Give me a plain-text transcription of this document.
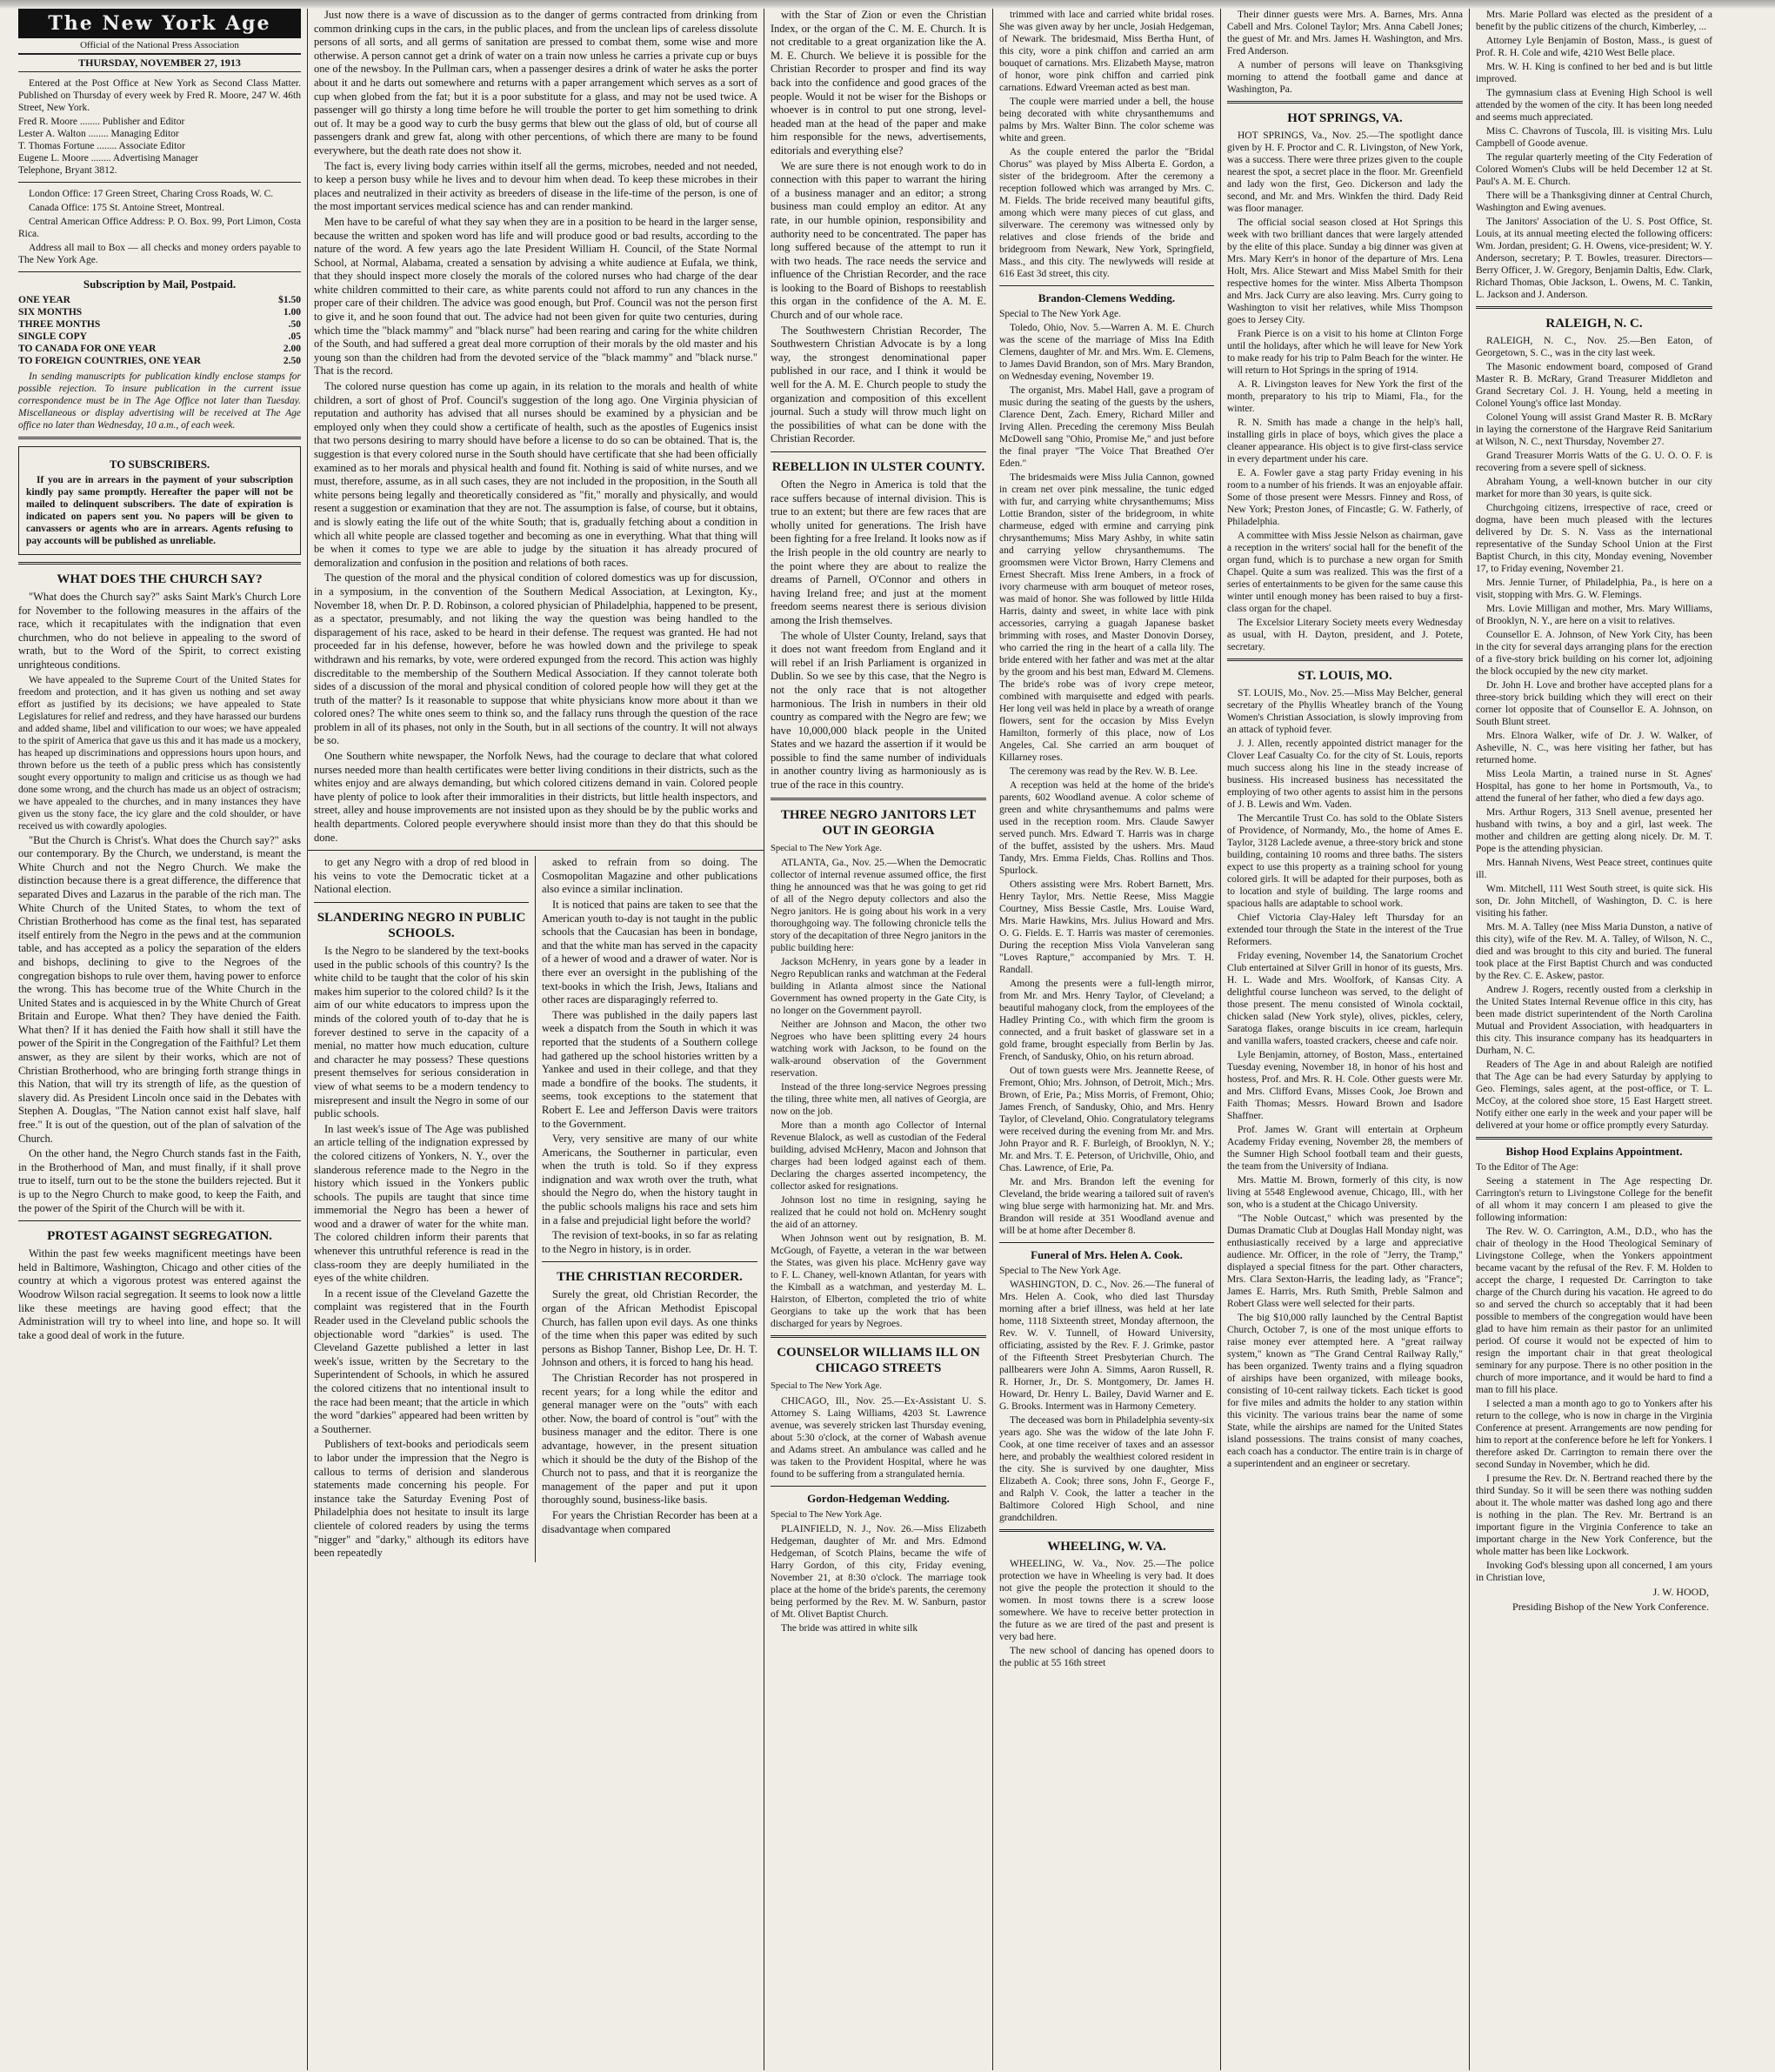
The New York Age
Official of the National Press Association
THURSDAY, NOVEMBER 27, 1913

Entered at the Post Office at New York as Second Class Matter. Published on Thursday of every week by Fred R. Moore, 247 W. 46th Street, New York.

Fred R. Moore ........ Publisher and Editor

Lester A. Walton ........ Managing Editor

T. Thomas Fortune ........ Associate Editor

Eugene L. Moore ........ Advertising Manager

Telephone, Bryant 3812.

London Office: 17 Green Street, Charing Cross Roads, W. C.

Canada Office: 175 St. Antoine Street, Montreal.

Central American Office Address: P. O. Box. 99, Port Limon, Costa Rica.

Address all mail to Box — all checks and money orders payable to The New York Age.

Subscription by Mail, Postpaid.
ONE YEAR	$1.50
SIX MONTHS	1.00
THREE MONTHS	.50
SINGLE COPY	.05
TO CANADA FOR ONE YEAR	2.00
TO FOREIGN COUNTRIES, ONE YEAR	2.50

In sending manuscripts for publication kindly enclose stamps for possible rejection. To insure publication in the current issue correspondence must be in The Age Office not later than Tuesday. Miscellaneous or display advertising will be received at The Age office no later than Wednesday, 10 a.m., of each week.

TO SUBSCRIBERS.

If you are in arrears in the payment of your subscription kindly pay same promptly. Hereafter the paper will not be mailed to delinquent subscribers. The date of expiration is indicated on papers sent you. No papers will be given to canvassers or agents who are in arrears. Agents refusing to pay accounts will be published as unreliable.

WHAT DOES THE CHURCH SAY?

"What does the Church say?" asks Saint Mark's Church Lore for November to the following measures in the affairs of the race, which it recapitulates with the indignation that even churchmen, who do not believe in appealing to the sword of wrath, but to the Word of the Spirit, to correct existing unrighteous conditions.

We have appealed to the Supreme Court of the United States for freedom and protection, and it has given us nothing and set away effort as justified by its decisions; we have appealed to State Legislatures for relief and redress, and they have harassed our burdens and added shame, libel and vilification to our woes; we have appealed to the spirit of America that gave us this and it has made us a mockery, has heaped up discriminations and oppressions hours upon hours, and thrown before us the teeth of a public press which has consistently sought every opportunity to malign and criticise us as though we had done some wrong, and the church has made us an object of ostracism; we have appealed to the churches, and in many instances they have given us the stony face, the icy glare and the cold shoulder, or have received us with cowardly apologies.

"But the Church is Christ's. What does the Church say?" asks our contemporary. By the Church, we understand, is meant the White Church and not the Negro Church. We make the distinction because there is a great difference, the difference that separated Dives and Lazarus in the parable of the rich man. The White Church of the United States, to whom the text of Christian Brotherhood has come as the final test, has separated itself entirely from the Negro in the pews and at the communion table, and has accepted as a policy the separation of the elders and bishops, declining to give to the Negroes of the congregation bishops to rule over them, having power to enforce the wrong. This has become true of the White Church in the United States and is acquiesced in by the White Church of Great Britain and Europe. What then? They have denied the Faith. What then? If it has denied the Faith how shall it still have the power of the Spirit in the Congregation of the Faithful? Let them answer, as they are silent by their works, which are not of Christian Brotherhood, who are bringing forth strange things in this Nation, that will try its strength of life, as the question of slavery did. As President Lincoln once said in the Debates with Stephen A. Douglas, "The Nation cannot exist half slave, half free." It is out of the question, out of the plan of salvation of the Church.

On the other hand, the Negro Church stands fast in the Faith, in the Brotherhood of Man, and must finally, if it shall prove true to itself, turn out to be the stone the builders rejected. But it is up to the Negro Church to make good, to keep the Faith, and the power of the Spirit of the Church will be with it.

PROTEST AGAINST SEGREGATION.

Within the past few weeks magnificent meetings have been held in Baltimore, Washington, Chicago and other cities of the country at which a vigorous protest was entered against the Woodrow Wilson racial segregation. It seems to look now a little like these meetings are having good effect; that the Administration will try to wheel into line, and hope so. It will take a good deal of work in the future.

Just now there is a wave of discussion as to the danger of germs contracted from drinking from common drinking cups in the cars, in the public places, and from the unclean lips of careless dissolute persons of all sorts, and all germs of sanitation are pressed to combat them, some wise and more otherwise. A person cannot get a drink of water on a train now unless he carries a private cup or buys one of the newsboy. In the Pullman cars, when a passenger desires a drink of water he asks the porter about it and he darts out somewhere and returns with a paper arrangement which serves as a sort of cup when globed from the fat; but it is a poor substitute for a glass, and may not be used twice. A passenger will go thirsty a long time before he will trouble the porter to get him something to drink out of. It may be a good way to curb the busy germs that blew out the glass of old, but of course all passengers drank and grew fat, along with other percentions, of which there are many to be found everywhere, but the death rate does not show it.

The fact is, every living body carries within itself all the germs, microbes, needed and not needed, to keep a person busy while he lives and to devour him when dead. To keep these microbes in their places and neutralized in their activity as breeders of disease in the life-time of the person, is one of the most important services medical science has and can render mankind.

Men have to be careful of what they say when they are in a position to be heard in the larger sense, because the written and spoken word has life and will produce good or bad results, according to the nature of the word. A few years ago the late President William H. Council, of the State Normal School, at Normal, Alabama, created a sensation by advising a white audience at Eufala, we think, that they should inspect more closely the morals of the colored nurses who had charge of the dear white children committed to their care, as white parents could not afford to run any chances in the proper care of their children. The advice was good enough, but Prof. Council was not the person first to give it, and he soon found that out. The advice had not been given for quite two centuries, during which time the "black mammy" and "black nurse" had been rearing and caring for the white children of the South, and had suffered a great deal more corruption of their morals by the old master and his young son than the children had from the devoted service of the "black mammy" and "black nurse." That is the record.

The colored nurse question has come up again, in its relation to the morals and health of white children, a sort of ghost of Prof. Council's suggestion of the long ago. One Virginia physician of reputation and authority has advised that all nurses should be examined by a physician and be employed only when they could show a certificate of health, such as the apostles of Eugenics insist that two persons desiring to marry should have before a license to do so can be obtained. That is, the suggestion is that every colored nurse in the South should have certificate that she had been officially examined as to her morals and physical health and found fit. Nothing is said of white nurses, and we must, therefore, assume, as in all such cases, they are not included in the proposition, in the South all white persons being legally and theoretically considered as "fit," morally and physically, and would resent a suggestion or examination that they are not. The assumption is false, of course, but it obtains, and is slowly eating the life out of the white South; that is, gradually fetching about a condition in which all white people are classed together and becoming as one in everything. What that thing will be when it comes to type we are able to judge by the situation it has already procured of demoralization and confusion in the position and relations of both races.

The question of the moral and the physical condition of colored domestics was up for discussion, in a symposium, in the convention of the Southern Medical Association, at Lexington, Ky., November 18, when Dr. P. D. Robinson, a colored physician of Philadelphia, happened to be present, as a spectator, presumably, and not liking the way the question was being handled to the disparagement of his race, asked to be heard in their defense. The request was granted. He had not proceeded far in his defense, however, before he was howled down and the privilege to speak withdrawn and his remarks, by vote, were ordered expunged from the record. This action was highly discreditable to the membership of the Southern Medical Association. If they cannot tolerate both sides of a discussion of the moral and physical condition of colored people how will they get at the truth of the matter? Is it reasonable to suppose that white physicians know more about it than we colored ones? The white ones seem to think so, and the fallacy runs through the question of the race problem in all of its phases, not only in the South, but in all sections of the country. It will not always be so.

One Southern white newspaper, the Norfolk News, had the courage to declare that what colored nurses needed more than health certificates were better living conditions in their districts, such as the whites enjoy and are always demanding, but which colored citizens demand in vain. Colored people have plenty of police to look after their immoralities in their districts, but little health inspectors, and street, alley and house improvements are not insisted upon as they should be by the public works and health departments. Colored people everywhere should insist more than they do that this should be done.

to get any Negro with a drop of red blood in his veins to vote the Democratic ticket at a National election.

SLANDERING NEGRO IN PUBLIC SCHOOLS.

Is the Negro to be slandered by the text-books used in the public schools of this country? Is the white child to be taught that the color of his skin makes him superior to the colored child? Is it the aim of our white educators to impress upon the minds of the colored youth of to-day that he is forever destined to serve in the capacity of a menial, no matter how much education, culture and character he may possess? These questions present themselves for serious consideration in view of what seems to be a modern tendency to misrepresent and insult the Negro in some of our public schools.

In last week's issue of The Age was published an article telling of the indignation expressed by the colored citizens of Yonkers, N. Y., over the slanderous reference made to the Negro in the history which issued in the Yonkers public schools. The pupils are taught that since time immemorial the Negro has been a hewer of wood and a drawer of water for the white man. The colored children inform their parents that whenever this untruthful reference is read in the class-room they are deeply humiliated in the eyes of the white children.

In a recent issue of the Cleveland Gazette the complaint was registered that in the Fourth Reader used in the Cleveland public schools the objectionable word "darkies" is used. The Cleveland Gazette published a letter in last week's issue, written by the Secretary to the Superintendent of Schools, in which he assured the colored citizens that no intentional insult to the race had been meant; that the article in which the word "darkies" appeared had been written by a Southerner.

Publishers of text-books and periodicals seem to labor under the impression that the Negro is callous to terms of derision and slanderous statements made concerning his people. For instance take the Saturday Evening Post of Philadelphia does not hesitate to insult its large clientele of colored readers by using the terms "nigger" and "darky," although its editors have been repeatedly

asked to refrain from so doing. The Cosmopolitan Magazine and other publications also evince a similar inclination.

It is noticed that pains are taken to see that the American youth to-day is not taught in the public schools that the Caucasian has been in bondage, and that the white man has served in the capacity of a hewer of wood and a drawer of water. Nor is there ever an oversight in the publishing of the text-books in which the Irish, Jews, Italians and other races are disparagingly referred to.

There was published in the daily papers last week a dispatch from the South in which it was reported that the students of a Southern college had gathered up the school histories written by a Yankee and used in their college, and that they made a bondfire of the books. The students, it seems, took exceptions to the statement that Robert E. Lee and Jefferson Davis were traitors to the Government.

Very, very sensitive are many of our white Americans, the Southerner in particular, even when the truth is told. So if they express indignation and wax wroth over the truth, what should the Negro do, when the history taught in the public schools maligns his race and sets him in a false and prejudicial light before the world?

The revision of text-books, in so far as relating to the Negro in history, is in order.

THE CHRISTIAN RECORDER.

Surely the great, old Christian Recorder, the organ of the African Methodist Episcopal Church, has fallen upon evil days. As one thinks of the time when this paper was edited by such persons as Bishop Tanner, Bishop Lee, Dr. H. T. Johnson and others, it is forced to hang his head.

The Christian Recorder has not prospered in recent years; for a long while the editor and general manager were on the "outs" with each other. Now, the board of control is "out" with the business manager and the editor. There is one advantage, however, in the present situation which it should be the duty of the Bishop of the Church not to pass, and that it is reorganize the management of the paper and put it upon thoroughly sound, business-like basis.

For years the Christian Recorder has been at a disadvantage when compared

with the Star of Zion or even the Christian Index, or the organ of the C. M. E. Church. It is not creditable to a great organization like the A. M. E. Church. We believe it is possible for the Christian Recorder to prosper and find its way back into the confidence and good graces of the people. Would it not be wiser for the Bishops or whoever is in control to put one strong, level-headed man at the head of the paper and make him responsible for the news, advertisements, editorials and everything else?

We are sure there is not enough work to do in connection with this paper to warrant the hiring of a business manager and an editor; a strong business man could employ an editor. At any rate, in our humble opinion, responsibility and authority need to be concentrated. The paper has long suffered because of the attempt to run it with two heads. The race needs the service and influence of the Christian Recorder, and the race is looking to the Board of Bishops to reestablish this organ in the confidence of the A. M. E. Church and of our whole race.

The Southwestern Christian Recorder, The Southwestern Christian Advocate is by a long way, the strongest denominational paper published in our race, and I think it would be well for the A. M. E. Church people to study the organization and composition of this excellent journal. Such a study will throw much light on the possibilities of what can be done with the Christian Recorder.

REBELLION IN ULSTER COUNTY.

Often the Negro in America is told that the race suffers because of internal division. This is true to an extent; but there are few races that are wholly united for generations. The Irish have been fighting for a free Ireland. It looks now as if the Irish people in the old country are nearly to the point where they are about to realize the dreams of Parnell, O'Connor and others in having Ireland free; and just at the moment freedom seems nearest there is serious division among the Irish themselves.

The whole of Ulster County, Ireland, says that it does not want freedom from England and it will rebel if an Irish Parliament is organized in Dublin. So we see by this case, that the Negro is not the only race that is not altogether harmonious. The Irish in numbers in their old country as compared with the Negro are few; we have 10,000,000 black people in the United States and we hazard the assertion if it would be possible to find the same number of individuals in another country living as harmoniously as is true of the race in this country.

THREE NEGRO JANITORS LET OUT IN GEORGIA

Special to The New York Age.

ATLANTA, Ga., Nov. 25.—When the Democratic collector of internal revenue assumed office, the first thing he announced was that he was going to get rid of all of the Negro deputy collectors and also the Negro janitors. He is going about his work in a very thoroughgoing way. The following chronicle tells the story of the decapitation of three Negro janitors in the public building here:

Jackson McHenry, in years gone by a leader in Negro Republican ranks and watchman at the Federal building in Atlanta almost since the National Government has owned property in the Gate City, is no longer on the Government payroll.

Neither are Johnson and Macon, the other two Negroes who have been splitting every 24 hours watching work with Jackson, to be found on the walk-around observation of the Government reservation.

Instead of the three long-service Negroes pressing the tiling, three white men, all natives of Georgia, are now on the job.

More than a month ago Collector of Internal Revenue Blalock, as well as custodian of the Federal building, advised McHenry, Macon and Johnson that charges had been lodged against each of them. Declaring the charges asserted incompetency, the collector asked for resignations.

Johnson lost no time in resigning, saying he realized that he could not hold on. McHenry sought the aid of an attorney.

When Johnson went out by resignation, B. M. McGough, of Fayette, a veteran in the war between the States, was given his place. McHenry gave way to F. L. Chaney, well-known Atlantan, for years with the Kimball as a watchman, and yesterday M. L. Hairston, of Elberton, completed the trio of white Georgians to take up the work that has been discharged for years by Negroes.

COUNSELOR WILLIAMS ILL ON CHICAGO STREETS

Special to The New York Age.

CHICAGO, Ill., Nov. 25.—Ex-Assistant U. S. Attorney S. Laing Williams, 4203 St. Lawrence avenue, was severely stricken last Thursday evening, about 5:30 o'clock, at the corner of Wabash avenue and Adams street. An ambulance was called and he was taken to the Provident Hospital, where he was found to be suffering from a strangulated hernia.

Gordon-Hedgeman Wedding.

Special to The New York Age.

PLAINFIELD, N. J., Nov. 26.—Miss Elizabeth Hedgeman, daughter of Mr. and Mrs. Edmond Hedgeman, of Scotch Plains, became the wife of Harry Gordon, of this city, Friday evening, November 21, at 8:30 o'clock. The marriage took place at the home of the bride's parents, the ceremony being performed by the Rev. M. W. Sanburn, pastor of Mt. Olivet Baptist Church.

The bride was attired in white silk

trimmed with lace and carried white bridal roses. She was given away by her uncle, Josiah Hedgeman, of Newark. The bridesmaid, Miss Bertha Hunt, of this city, wore a pink chiffon and carried an arm bouquet of carnations. Mrs. Elizabeth Mayse, matron of honor, wore pink chiffon and carried pink carnations. Edward Vreeman acted as best man.

The couple were married under a bell, the house being decorated with white chrysanthemums and palms by Mrs. Walter Binn. The color scheme was white and green.

As the couple entered the parlor the "Bridal Chorus" was played by Miss Alberta E. Gordon, a sister of the bridegroom. After the ceremony a reception followed which was arranged by Mrs. C. M. Fields. The bride received many beautiful gifts, among which were many pieces of cut glass, and silverware. The ceremony was witnessed only by relatives and close friends of the bride and bridegroom from Newark, New York, Springfield, Mass., and this city. The newlyweds will reside at 616 East 3d street, this city.

Brandon-Clemens Wedding.

Special to The New York Age.

Toledo, Ohio, Nov. 5.—Warren A. M. E. Church was the scene of the marriage of Miss Ina Edith Clemens, daughter of Mr. and Mrs. Wm. E. Clemens, to James David Brandon, son of Mrs. Mary Brandon, on Wednesday evening, November 19.

The organist, Mrs. Mabel Hall, gave a program of music during the seating of the guests by the ushers, Clarence Dent, Zach. Emery, Richard Miller and Irving Allen. Preceding the ceremony Miss Beulah McDowell sang "Ohio, Promise Me," and just before the final prayer "The Voice That Breathed O'er Eden."

The bridesmaids were Miss Julia Cannon, gowned in cream net over pink messaline, the tunic edged with fur, and carrying white chrysanthemums; Miss Lottie Brandon, sister of the bridegroom, in white charmeuse, edged with ermine and carrying pink chrysanthemums; Miss Mary Ashby, in white satin and carrying yellow chrysanthemums. The groomsmen were Victor Brown, Harry Clemens and Ernest Shecraft. Miss Irene Ambers, in a frock of ivory charmeuse with arm bouquet of meteor roses, was maid of honor. She was followed by little Hilda Harris, dainty and sweet, in white lace with pink accessories, carrying a guagah Japanese basket brimming with roses, and Master Donovin Dorsey, who carried the ring in the heart of a calla lily. The bride entered with her father and was met at the altar by the groom and his best man, Edward M. Clemens. The bride's robe was of ivory crepe meteor, combined with marquisette and edged with pearls. Her long veil was held in place by a wreath of orange flowers, sent for the occasion by Miss Evelyn Hamilton, formerly of this place, now of Los Angeles, Cal. She carried an arm bouquet of Killarney roses.

The ceremony was read by the Rev. W. B. Lee.

A reception was held at the home of the bride's parents, 602 Woodland avenue. A color scheme of green and white chrysanthemums and palms were used in the reception room. Mrs. Claude Sawyer served punch. Mrs. Edward T. Harris was in charge of the buffet, assisted by the ushers. Mrs. Maud Tandy, Mrs. Emma Fields, Chas. Rollins and Thos. Spurlock.

Others assisting were Mrs. Robert Barnett, Mrs. Henry Taylor, Mrs. Nettie Reese, Miss Maggie Courtney, Miss Bessie Castle, Mrs. Louise Ward, Mrs. Marie Hawkins, Mrs. Julius Howard and Mrs. O. G. Fields. E. T. Harris was master of ceremonies. During the reception Miss Viola Vanveleran sang "Loves Rapture," accompanied by Mrs. T. H. Randall.

Among the presents were a full-length mirror, from Mr. and Mrs. Henry Taylor, of Cleveland; a beautiful mahogany clock, from the employees of the Hadley Printing Co., with which firm the groom is connected, and a fruit basket of glassware set in a gold frame, brought especially from Berlin by Jas. French, of Sandusky, Ohio, on his return abroad.

Out of town guests were Mrs. Jeannette Reese, of Fremont, Ohio; Mrs. Johnson, of Detroit, Mich.; Mrs. Brown, of Erie, Pa.; Miss Morris, of Fremont, Ohio; James French, of Sandusky, Ohio, and Mrs. Henry Taylor, of Cleveland, Ohio. Congratulatory telegrams were received during the evening from Mr. and Mrs. John Prayor and R. F. Burleigh, of Brooklyn, N. Y.; Mr. and Mrs. T. E. Peterson, of Urichville, Ohio, and Chas. Lawrence, of Erie, Pa.

Mr. and Mrs. Brandon left the evening for Cleveland, the bride wearing a tailored suit of raven's wing blue serge with harmonizing hat. Mr. and Mrs. Brandon will reside at 351 Woodland avenue and will be at home after December 8.

Funeral of Mrs. Helen A. Cook.

Special to The New York Age.

WASHINGTON, D. C., Nov. 26.—The funeral of Mrs. Helen A. Cook, who died last Thursday morning after a brief illness, was held at her late home, 1118 Sixteenth street, Monday afternoon, the Rev. W. V. Tunnell, of Howard University, officiating, assisted by the Rev. F. J. Grimke, pastor of the Fifteenth Street Presbyterian Church. The pallbearers were John A. Simms, Aaron Russell, R. R. Horner, Jr., Dr. S. Montgomery, Dr. James H. Howard, Dr. Henry L. Bailey, David Warner and E. G. Brooks. Interment was in Harmony Cemetery.

The deceased was born in Philadelphia seventy-six years ago. She was the widow of the late John F. Cook, at one time receiver of taxes and an assessor here, and probably the wealthiest colored resident in the city. She is survived by one daughter, Miss Elizabeth A. Cook; three sons, John F., George F., and Ralph V. Cook, the latter a teacher in the Baltimore Colored High School, and nine grandchildren.

WHEELING, W. VA.

WHEELING, W. Va., Nov. 25.—The police protection we have in Wheeling is very bad. It does not give the people the protection it should to the women. In most towns there is a screw loose somewhere. We have to receive better protection in the future as we are tired of the past and present is very bad here.

The new school of dancing has opened doors to the public at 55 16th street

Their dinner guests were Mrs. A. Barnes, Mrs. Anna Cabell and Mrs. Colonel Taylor; Mrs. Anna Cabell Jones; the guest of Mr. and Mrs. James H. Washington, and Mrs. Fred Anderson.

A number of persons will leave on Thanksgiving morning to attend the football game and dance at Washington, Pa.

HOT SPRINGS, VA.

HOT SPRINGS, Va., Nov. 25.—The spotlight dance given by H. F. Proctor and C. R. Livingston, of New York, was a success. There were three prizes given to the couple nearest the spot, a secret place in the floor. Mr. Greenfield and lady won the first, Geo. Dickerson and lady the second, and Mr. and Mrs. Winkfen the third. Dady Reid was floor manager.

The official social season closed at Hot Springs this week with two brilliant dances that were largely attended by the elite of this place. Sunday a big dinner was given at Mrs. Mary Kerr's in honor of the departure of Mrs. Lena Holt, Mrs. Alice Stewart and Miss Mabel Smith for their respective homes for the winter. Miss Alberta Thompson and Mrs. Jack Curry are also leaving. Mrs. Curry going to Washington to visit her relatives, while Miss Thompson goes to Jersey City.

Frank Pierce is on a visit to his home at Clinton Forge until the holidays, after which he will leave for New York to make ready for his trip to Palm Beach for the winter. He will return to Hot Springs in the spring of 1914.

A. R. Livingston leaves for New York the first of the month, preparatory to his trip to Miami, Fla., for the winter.

R. N. Smith has made a change in the help's hall, installing girls in place of boys, which gives the place a cleaner appearance. His object is to give first-class service in every department under his care.

E. A. Fowler gave a stag party Friday evening in his room to a number of his friends. It was an enjoyable affair. Some of those present were Messrs. Finney and Ross, of New York; Preston Jones, of Fincastle; G. W. Fatherly, of Philadelphia.

A committee with Miss Jessie Nelson as chairman, gave a reception in the writers' social hall for the benefit of the organ fund, which is to purchase a new organ for Smith Chapel. Quite a sum was realized. This was the first of a series of entertainments to be given for the same cause this winter until enough money has been raised to buy a first-class organ for the chapel.

The Excelsior Literary Society meets every Wednesday as usual, with H. Dayton, president, and J. Potete, secretary.

ST. LOUIS, MO.

ST. LOUIS, Mo., Nov. 25.—Miss May Belcher, general secretary of the Phyllis Wheatley branch of the Young Women's Christian Association, is slowly improving from an attack of typhoid fever.

J. J. Allen, recently appointed district manager for the Clover Leaf Casualty Co. for the city of St. Louis, reports much success along his line in the steady increase of business. His increased business has necessitated the employing of two other agents to assist him in the persons of J. B. Lewis and Wm. Vaden.

The Mercantile Trust Co. has sold to the Oblate Sisters of Providence, of Normandy, Mo., the home of Ames E. Taylor, 3128 Laclede avenue, a three-story brick and stone building, containing 10 rooms and three baths. The sisters expect to use this property as a training school for young colored girls. It will be adapted for their purposes, both as to location and style of building. The large rooms and spacious halls are adaptable to school work.

Chief Victoria Clay-Haley left Thursday for an extended tour through the State in the interest of the True Reformers.

Friday evening, November 14, the Sanatorium Crochet Club entertained at Silver Grill in honor of its guests, Mrs. H. L. Wade and Mrs. Woolfork, of Kansas City. A delightful course luncheon was served, to the delight of those present. The menu consisted of Winola cocktail, chicken salad (New York style), olives, pickles, celery, Saratoga flakes, orange biscuits in ice cream, harlequin and vanilla wafers, toasted crackers, cheese and cafe noir.

Lyle Benjamin, attorney, of Boston, Mass., entertained Tuesday evening, November 18, in honor of his host and hostess, Prof. and Mrs. R. H. Cole. Other guests were Mr. and Mrs. Clifford Evans, Misses Cook, Joe Brown and Faith Thomas; Messrs. Howard Brown and Isadore Shaffner.

Prof. James W. Grant will entertain at Orpheum Academy Friday evening, November 28, the members of the Sumner High School football team and their guests, the team from the University of Indiana.

Mrs. Mattie M. Brown, formerly of this city, is now living at 5548 Englewood avenue, Chicago, Ill., with her son, who is a student at the Chicago University.

"The Noble Outcast," which was presented by the Dumas Dramatic Club at Douglas Hall Monday night, was enthusiastically received by a large and appreciative audience. Mr. Officer, in the role of "Jerry, the Tramp," displayed a special fitness for the part. Other characters, Mrs. Clara Sexton-Harris, the leading lady, as "France"; James E. Harris, Mrs. Ruth Smith, Preble Salmon and Robert Glass were well selected for their parts.

The big $10,000 rally launched by the Central Baptist Church, October 7, is one of the most unique efforts to raise money ever attempted here. A "great railway system," known as "The Grand Central Railway Rally," has been organized. Twenty trains and a flying squadron of airships have been organized, with mileage books, consisting of 10-cent railway tickets. Each ticket is good for five miles and admits the holder to any station within this vicinity. The various trains bear the name of some State, while the airships are named for the United States island possessions. The trains consist of many coaches, each coach has a conductor. The entire train is in charge of a superintendent and an engineer or secretary.

Mrs. Marie Pollard was elected as the president of a benefit by the public citizens of the church, Kimberley, ...

Attorney Lyle Benjamin of Boston, Mass., is guest of Prof. R. H. Cole and wife, 4210 West Belle place.

Mrs. W. H. King is confined to her bed and is but little improved.

The gymnasium class at Evening High School is well attended by the women of the city. It has been long needed and seems much appreciated.

Miss C. Chavrons of Tuscola, Ill. is visiting Mrs. Lulu Campbell of Goode avenue.

The regular quarterly meeting of the City Federation of Colored Women's Clubs will be held December 12 at St. Paul's A. M. E. Church.

There will be a Thanksgiving dinner at Central Church, Washington and Ewing avenues.

The Janitors' Association of the U. S. Post Office, St. Louis, at its annual meeting elected the following officers: Wm. Jordan, president; G. H. Owens, vice-president; W. Y. Anderson, secretary; P. T. Bowles, treasurer. Directors—Berry Officer, J. W. Gregory, Benjamin Daltis, Edw. Clark, Richard Thomas, Obie Jackson, L. Owens, M. C. Tankin, L. Jackson and J. Anderson.

RALEIGH, N. C.

RALEIGH, N. C., Nov. 25.—Ben Eaton, of Georgetown, S. C., was in the city last week.

The Masonic endowment board, composed of Grand Master R. B. McRary, Grand Treasurer Middleton and Grand Secretary Col. J. H. Young, held a meeting in Colonel Young's office last Monday.

Colonel Young will assist Grand Master R. B. McRary in laying the cornerstone of the Hargrave Reid Sanitarium at Wilson, N. C., next Thursday, November 27.

Grand Treasurer Morris Watts of the G. U. O. O. F. is recovering from a severe spell of sickness.

Abraham Young, a well-known butcher in our city market for more than 30 years, is quite sick.

Churchgoing citizens, irrespective of race, creed or dogma, have been much pleased with the lectures delivered by Dr. S. N. Vass as the international representative of the Sunday School Union at the First Baptist Church, in this city, Monday evening, November 17, to Friday evening, November 21.

Mrs. Jennie Turner, of Philadelphia, Pa., is here on a visit, stopping with Mrs. G. W. Flemings.

Mrs. Lovie Milligan and mother, Mrs. Mary Williams, of Brooklyn, N. Y., are here on a visit to relatives.

Counsellor E. A. Johnson, of New York City, has been in the city for several days arranging plans for the erection of a five-story brick building on his corner lot, adjoining the block occupied by the new city market.

Dr. John H. Love and brother have accepted plans for a three-story brick building which they will erect on their corner lot opposite that of Counsellor E. A. Johnson, on South Blunt street.

Mrs. Elnora Walker, wife of Dr. J. W. Walker, of Asheville, N. C., was here visiting her father, but has returned home.

Miss Leola Martin, a trained nurse in St. Agnes' Hospital, has gone to her home in Portsmouth, Va., to attend the funeral of her father, who died a few days ago.

Mrs. Arthur Rogers, 313 Snell avenue, presented her husband with twins, a boy and a girl, last week. The mother and children are getting along nicely. Dr. M. T. Pope is the attending physician.

Mrs. Hannah Nivens, West Peace street, continues quite ill.

Wm. Mitchell, 111 West South street, is quite sick. His son, Dr. John Mitchell, of Washington, D. C. is here visiting his father.

Mrs. M. A. Talley (nee Miss Maria Dunston, a native of this city), wife of the Rev. M. A. Talley, of Wilson, N. C., died and was brought to this city and buried. The funeral took place at the First Baptist Church and was conducted by the Rev. C. E. Askew, pastor.

Andrew J. Rogers, recently ousted from a clerkship in the United States Internal Revenue office in this city, has been made district superintendent of the North Carolina Mutual and Provident Association, with headquarters in this city. This insurance company has its headquarters in Durham, N. C.

Readers of The Age in and about Raleigh are notified that The Age can be had every Saturday by applying to Geo. Flemings, sales agent, at the post-office, or T. L. McCoy, at the colored shoe store, 15 East Hargett street. Notify either one early in the week and your paper will be delivered at your home or office promptly every Saturday.

Bishop Hood Explains Appointment.

To the Editor of The Age:

Seeing a statement in The Age respecting Dr. Carrington's return to Livingstone College for the benefit of all whom it may concern I am pleased to give the following information:

The Rev. W. O. Carrington, A.M., D.D., who has the chair of theology in the Hood Theological Seminary of Livingstone College, when the Yonkers appointment became vacant by the refusal of the Rev. F. M. Holden to accept the charge, I requested Dr. Carrington to take charge of the Church during his vacation. He agreed to do so and served the church so acceptably that it had been possible to members of the congregation would have been glad to have him remain as their pastor for an unlimited period. Of course it would not be expected of him to resign the important chair in that great theological seminary for any purpose. There is no other position in the church of more importance, and it would be hard to find a man to fill his place.

I selected a man a month ago to go to Yonkers after his return to the college, who is now in charge in the Virginia Conference at present. Arrangements are now pending for him to report at the conference before he left for Yonkers. I therefore asked Dr. Carrington to remain there over the second Sunday in November, which he did.

I presume the Rev. Dr. N. Bertrand reached there by the third Sunday. So it will be seen there was nothing sudden about it. The whole matter was dashed long ago and there is nothing in the plan. The Rev. Mr. Bertrand is an important figure in the Virginia Conference to take an important charge in the New York Conference, but the whole matter has been like Lockwork.

Invoking God's blessing upon all concerned, I am yours in Christian love,

J. W. HOOD,
Presiding Bishop of the New York Conference.
